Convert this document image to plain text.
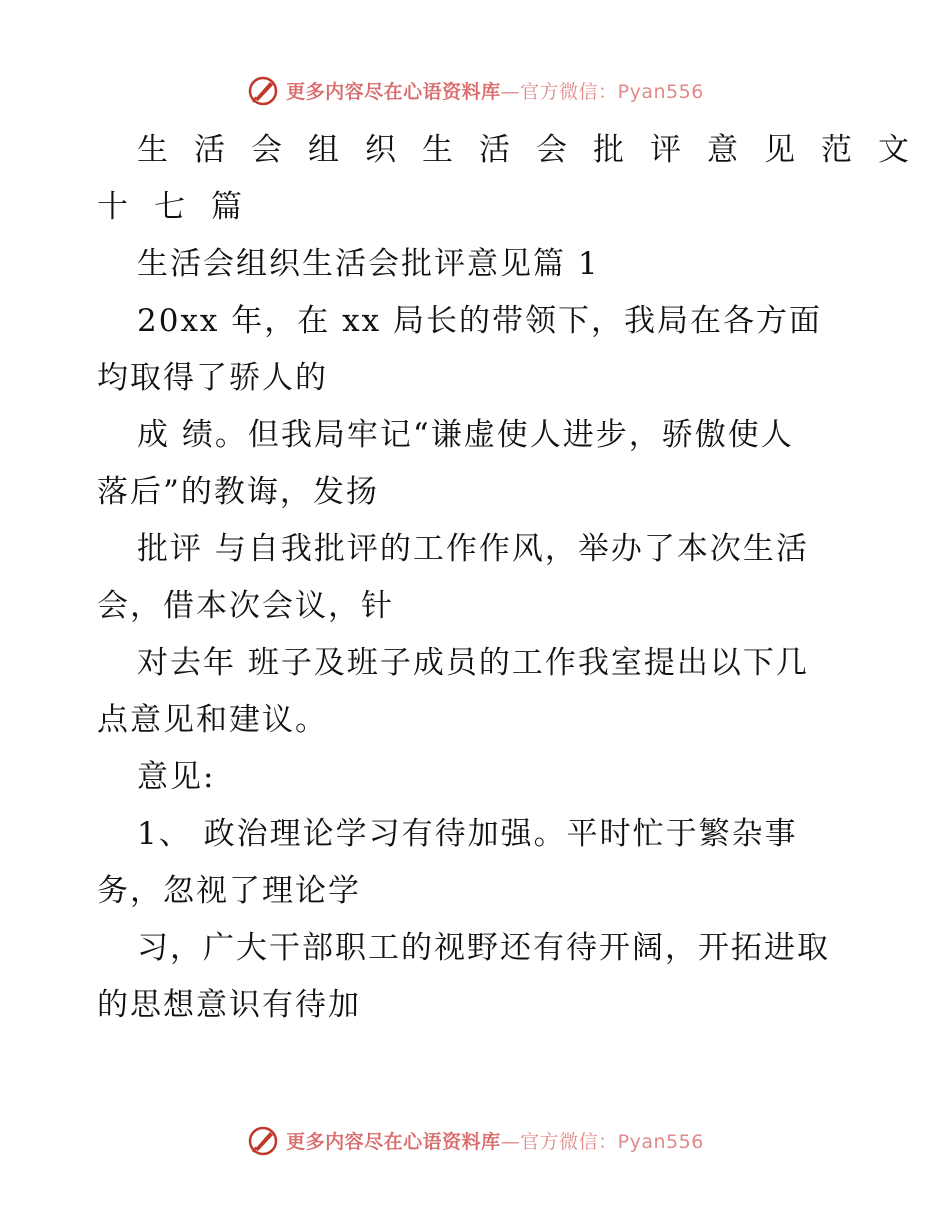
更多内容尽在心语资料库—官方微信：Pyan556
生活会组织生活会批评意见范文
十七篇
生活会组织生活会批评意见篇 1
20xx 年，在 xx 局长的带领下，我局在各方面
均取得了骄人的
成 绩。但我局牢记“谦虚使人进步，骄傲使人
落后”的教诲，发扬
批评 与自我批评的工作作风，举办了本次生活
会，借本次会议，针
对去年 班子及班子成员的工作我室提出以下几
点意见和建议。
意见:
1、 政治理论学习有待加强。平时忙于繁杂事
务，忽视了理论学
习，广大干部职工的视野还有待开阔，开拓进取
的思想意识有待加
更多内容尽在心语资料库—官方微信：Pyan556
